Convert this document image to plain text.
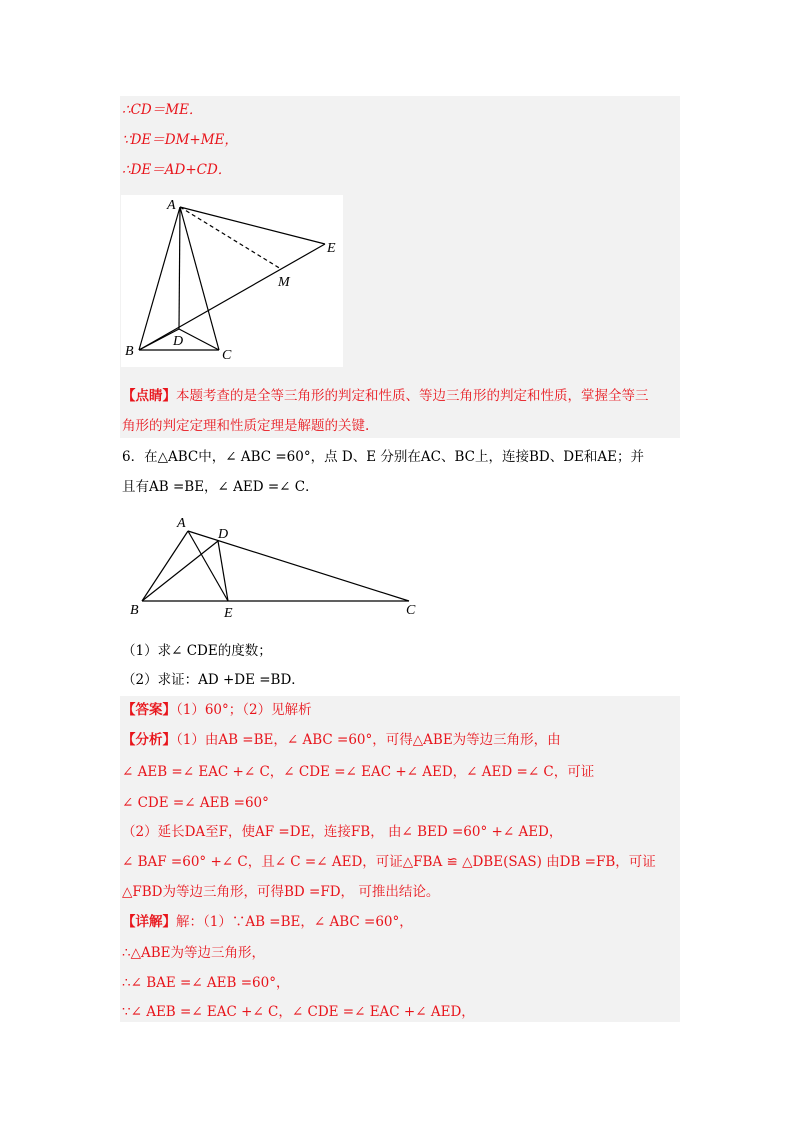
∴CD＝ME．
∵DE＝DM+ME，
∴DE＝AD+CD．
A
B	C
D
E
M
【点睛】本题考查的是全等三角形的判定和性质、等边三角形的判定和性质，掌握全等三
角形的判定定理和性质定理是解题的关键.
6．在△ABC中，∠ ABC =60°，点 D、E 分别在AC、BC上，连接BD、DE和AE；并
且有AB =BE，∠ AED =∠ C．
A
B	C
D
E
（1）求∠ CDE的度数；
（2）求证：AD +DE =BD．
【答案】（1）60°；（2）见解析
【分析】（1）由AB =BE，∠ ABC =60°，可得△ABE为等边三角形，由
∠ AEB =∠ EAC +∠ C，∠ CDE =∠ EAC +∠ AED，∠ AED =∠ C，可证
∠ CDE =∠ AEB =60°
（2）延长DA至F，使AF =DE，连接FB， 由∠ BED =60° +∠ AED，
∠ BAF =60° +∠ C，且∠ C =∠ AED，可证△FBA ≌ △DBE(SAS) 由DB =FB，可证
△FBD为等边三角形，可得BD =FD， 可推出结论。
【详解】解：（1）∵AB =BE，∠ ABC =60°，
∴△ABE为等边三角形，
∴∠ BAE =∠ AEB =60°，
∵∠ AEB =∠ EAC +∠ C，∠ CDE =∠ EAC +∠ AED，
